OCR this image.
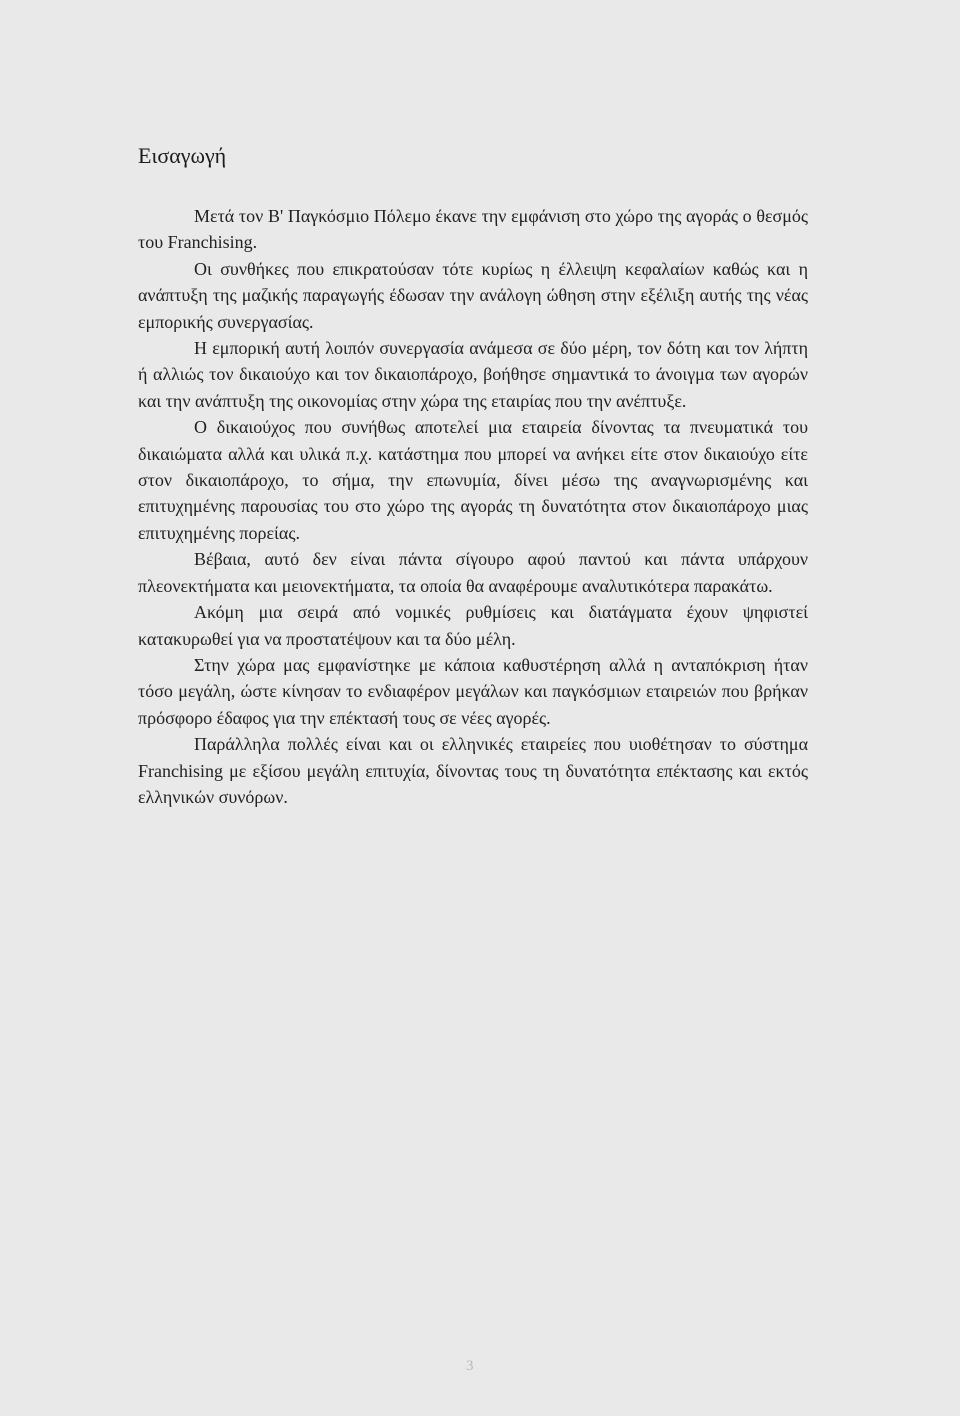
Εισαγωγή

Μετά τον Β' Παγκόσμιο Πόλεμο έκανε την εμφάνιση στο χώρο της αγοράς ο θεσμός του Franchising.

Οι συνθήκες που επικρατούσαν τότε κυρίως η έλλειψη κεφαλαίων καθώς και η ανάπτυξη της μαζικής παραγωγής έδωσαν την ανάλογη ώθηση στην εξέλιξη αυτής της νέας εμπορικής συνεργασίας.

Η εμπορική αυτή λοιπόν συνεργασία ανάμεσα σε δύο μέρη, τον δότη και τον λήπτη ή αλλιώς τον δικαιούχο και τον δικαιοπάροχο, βοήθησε σημαντικά το άνοιγμα των αγορών και την ανάπτυξη της οικονομίας στην χώρα της εταιρίας που την ανέπτυξε.

Ο δικαιούχος που συνήθως αποτελεί μια εταιρεία δίνοντας τα πνευματικά του δικαιώματα αλλά και υλικά π.χ. κατάστημα που μπορεί να ανήκει είτε στον δικαιούχο είτε στον δικαιοπάροχο, το σήμα, την επωνυμία, δίνει μέσω της αναγνωρισμένης και επιτυχημένης παρουσίας του στο χώρο της αγοράς τη δυνατότητα στον δικαιοπάροχο μιας επιτυχημένης πορείας.

Βέβαια, αυτό δεν είναι πάντα σίγουρο αφού παντού και πάντα υπάρχουν πλεονεκτήματα και μειονεκτήματα, τα οποία θα αναφέρουμε αναλυτικότερα παρακάτω.

Ακόμη μια σειρά από νομικές ρυθμίσεις και διατάγματα έχουν ψηφιστεί κατακυρωθεί για να προστατέψουν και τα δύο μέλη.

Στην χώρα μας εμφανίστηκε με κάποια καθυστέρηση αλλά η ανταπόκριση ήταν τόσο μεγάλη, ώστε κίνησαν το ενδιαφέρον μεγάλων και παγκόσμιων εταιρειών που βρήκαν πρόσφορο έδαφος για την επέκτασή τους σε νέες αγορές.

Παράλληλα πολλές είναι και οι ελληνικές εταιρείες που υιοθέτησαν το σύστημα Franchising με εξίσου μεγάλη επιτυχία, δίνοντας τους τη δυνατότητα επέκτασης και εκτός ελληνικών συνόρων.

3
